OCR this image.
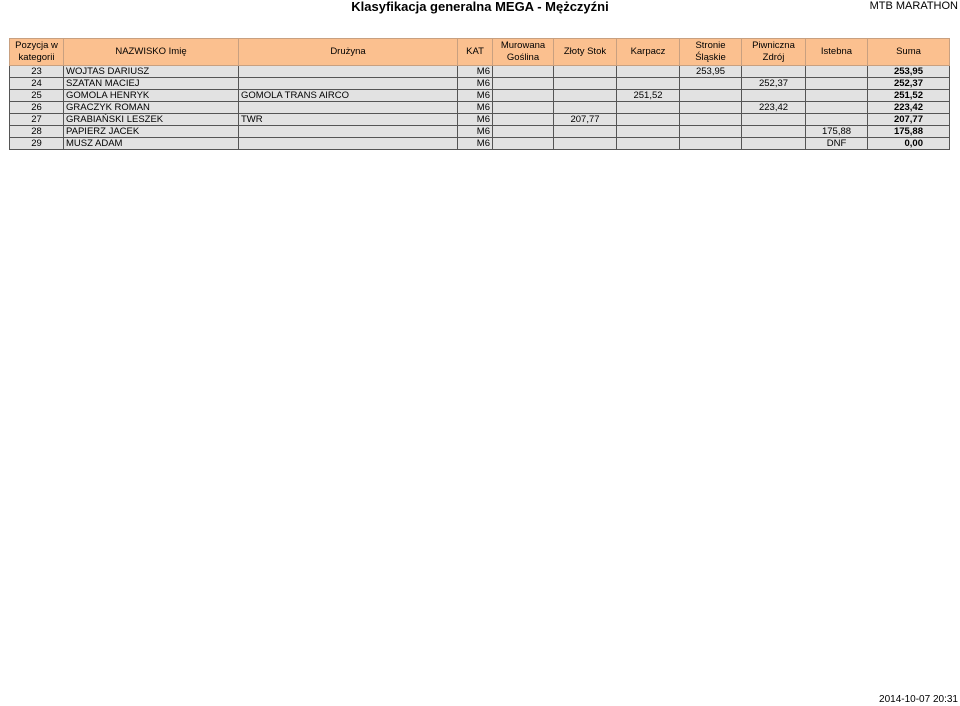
Klasyfikacja generalna MEGA - Mężczyźni	MTB MARATHON
Pozycja w kategorii	NAZWISKO Imię	Drużyna	KAT	Murowana Goślina	Złoty Stok	Karpacz	Stronie Śląskie	Piwniczna Zdrój	Istebna	Suma
23	WOJTAS DARIUSZ		M6				253,95			253,95
24	SZATAN MACIEJ		M6					252,37		252,37
25	GOMOLA HENRYK	GOMOLA TRANS AIRCO	M6			251,52				251,52
26	GRACZYK ROMAN		M6					223,42		223,42
27	GRABIAŃSKI LESZEK	TWR	M6		207,77					207,77
28	PAPIERZ JACEK		M6						175,88	175,88
29	MUSZ ADAM		M6						DNF	0,00
2014-10-07 20:31
